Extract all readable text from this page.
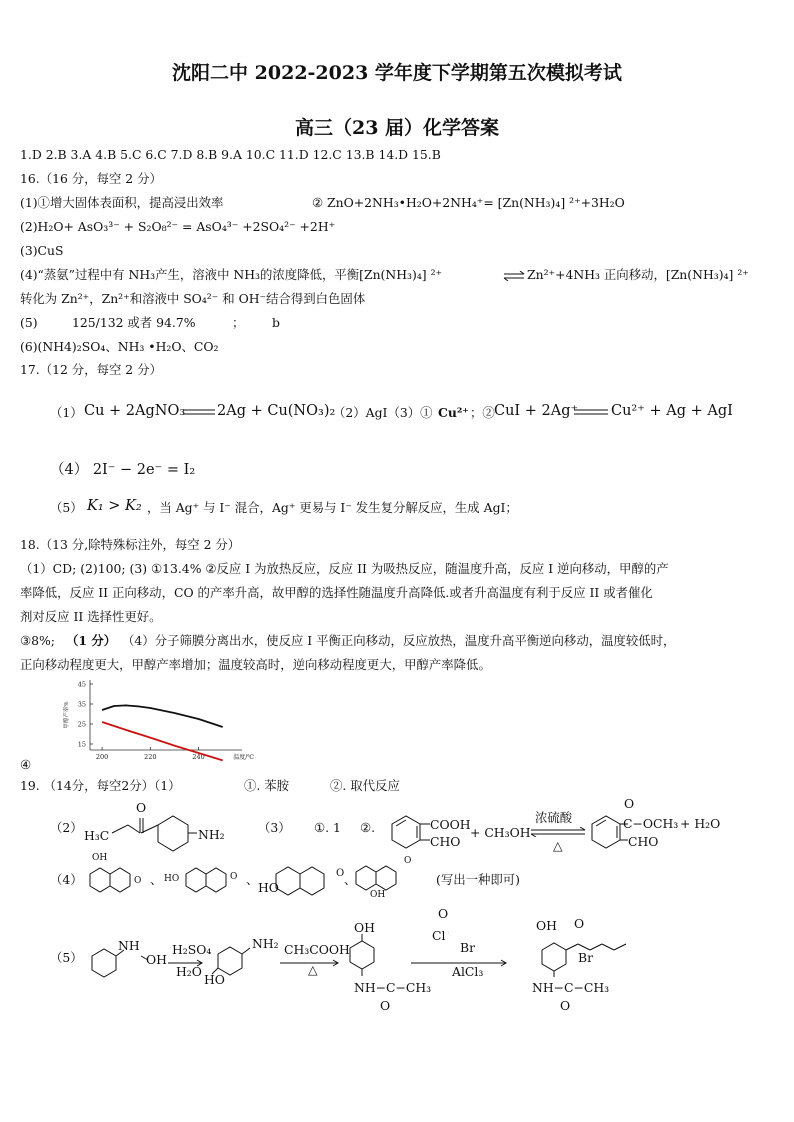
沈阳二中 2022-2023 学年度下学期第五次模拟考试
高三（23 届）化学答案
1.D 2.B 3.A 4.B 5.C 6.C 7.D 8.B 9.A 10.C 11.D 12.C 13.B 14.D 15.B
16.（16 分，每空 2 分）
(1)①增大固体表面积，提高浸出效率	② ZnO+2NH₃•H₂O+2NH₄⁺= [Zn(NH₃)₄] ²⁺+3H₂O
(2)H₂O+ AsO₃³⁻ + S₂O₈²⁻ = AsO₄³⁻ +2SO₄²⁻ +2H⁺
(3)CuS
(4)“蒸氨”过程中有 NH₃产生，溶液中 NH₃的浓度降低，平衡[Zn(NH₃)₄] ²⁺	⇌ Zn²⁺+4NH₃ 正向移动，[Zn(NH₃)₄] ²⁺
转化为 Zn²⁺，Zn²⁺和溶液中 SO₄²⁻ 和 OH⁻结合得到白色固体
(5)	125/132 或者 94.7%	； b
(6)(NH4)₂SO₄、NH₃ •H₂O、CO₂
17.（12 分，每空 2 分）
（1） Cu + 2AgNO₃ 2Ag + Cu(NO₃)₂
（2）AgI（3）① Cu²⁺ ；② CuI + 2Ag⁺ Cu²⁺ + Ag + AgI
（4） 2I⁻ − 2e⁻ = I₂
（5） K₁ > K₂ ，当 Ag⁺ 与 I⁻ 混合，Ag⁺ 更易与 I⁻ 发生复分解反应，生成 AgI；
18.（13 分,除特殊标注外，每空 2 分）
（1）CD; (2)100; (3) ①13.4% ②反应 I 为放热反应，反应 II 为吸热反应，随温度升高，反应 I 逆向移动，甲醇的产
率降低，反应 II 正向移动，CO 的产率升高，故甲醇的选择性随温度升高降低.或者升高温度有利于反应 II 或者催化
剂对反应 II 选择性更好。
③8%; （1 分） （4）分子筛膜分离出水，使反应 I 平衡正向移动，反应放热，温度升高平衡逆向移动，温度较低时，
正向移动程度更大，甲醇产率增加；温度较高时，逆向移动程度更大，甲醇产率降低。
15
25
35
45
200	220	240	温度/℃
甲醇产率%
④
19. （14分，每空2分）（1）	①. 苯胺	②. 取代反应
（2）
O
H₃C	NH₂	（3） ①. 1 ②.	COOH
CHO
+ CH₃OH
浓硫酸
△
O
C−OCH₃ + H₂O
CHO
（4）
OH
O 、 HO	O 、
HO
O 、
OH
O
(写出一种即可)
（5）
NH
OH
H₂SO₄
H₂O
NH₂
HO
CH₃COOH
△
OH
NH−C−CH₃
O
Cl
O
Br
AlCl₃
OH O
Br
NH−C−CH₃
O
